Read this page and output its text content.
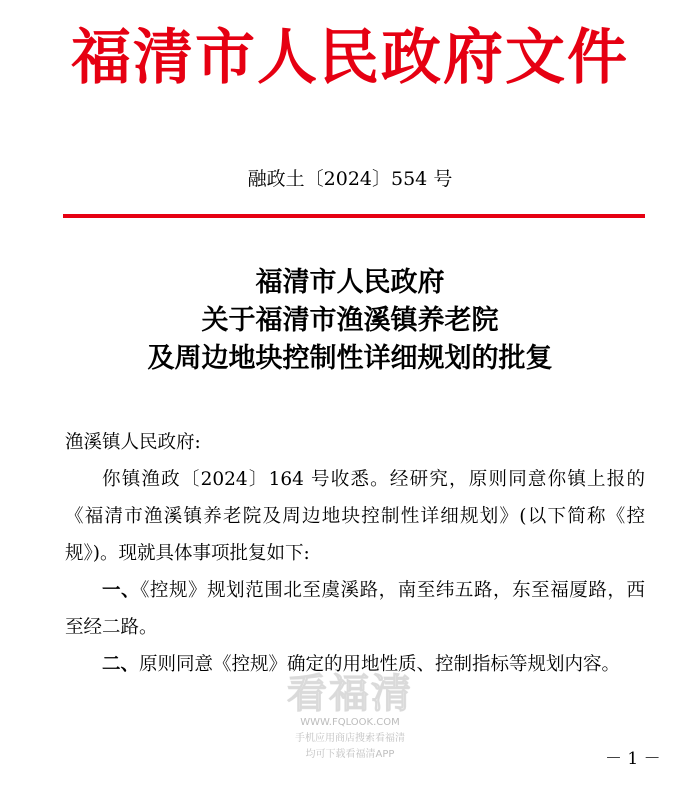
福清市人民政府文件
融政土〔2024〕554 号
福清市人民政府
关于福清市渔溪镇养老院
及周边地块控制性详细规划的批复

渔溪镇人民政府:

你镇渔政〔2024〕164 号收悉。经研究，原则同意你镇上报的《福清市渔溪镇养老院及周边地块控制性详细规划》(以下简称《控规》)。现就具体事项批复如下:

一、《控规》规划范围北至虞溪路，南至纬五路，东至福厦路，西至经二路。

二、原则同意《控规》确定的用地性质、控制指标等规划内容。

看福清
WWW.FQLOOK.COM
手机应用商店搜索看福清
均可下载看福清APP	－ 1 －
